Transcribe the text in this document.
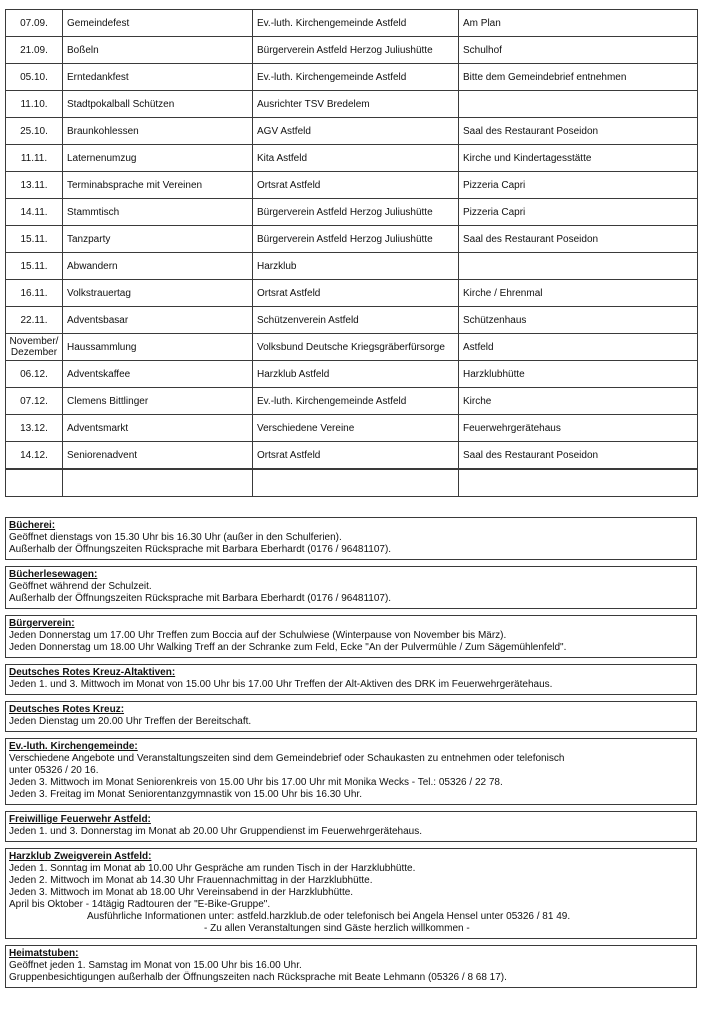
07.09.	Gemeindefest	Ev.-luth. Kirchengemeinde Astfeld	Am Plan
21.09.	Boßeln	Bürgerverein Astfeld Herzog Juliushütte	Schulhof
05.10.	Erntedankfest	Ev.-luth. Kirchengemeinde Astfeld	Bitte dem Gemeindebrief entnehmen
11.10.	Stadtpokalball Schützen	Ausrichter TSV Bredelem	
25.10.	Braunkohlessen	AGV Astfeld	Saal des Restaurant Poseidon
11.11.	Laternenumzug	Kita Astfeld	Kirche und Kindertagesstätte
13.11.	Terminabsprache mit Vereinen	Ortsrat Astfeld	Pizzeria Capri
14.11.	Stammtisch	Bürgerverein Astfeld Herzog Juliushütte	Pizzeria Capri
15.11.	Tanzparty	Bürgerverein Astfeld Herzog Juliushütte	Saal des Restaurant Poseidon
15.11.	Abwandern	Harzklub	
16.11.	Volkstrauertag	Ortsrat Astfeld	Kirche / Ehrenmal
22.11.	Adventsbasar	Schützenverein Astfeld	Schützenhaus
November/ Dezember	Haussammlung	Volksbund Deutsche Kriegsgräberfürsorge	Astfeld
06.12.	Adventskaffee	Harzklub Astfeld	Harzklubhütte
07.12.	Clemens Bittlinger	Ev.-luth. Kirchengemeinde Astfeld	Kirche
13.12.	Adventsmarkt	Verschiedene Vereine	Feuerwehrgerätehaus
14.12.	Seniorenadvent	Ortsrat Astfeld	Saal des Restaurant Poseidon

Bücherei:
Geöffnet dienstags von 15.30 Uhr bis 16.30 Uhr (außer in den Schulferien).
Außerhalb der Öffnungszeiten Rücksprache mit Barbara Eberhardt (0176 / 96481107).
Bücherlesewagen:
Geöffnet während der Schulzeit.
Außerhalb der Öffnungszeiten Rücksprache mit Barbara Eberhardt (0176 / 96481107).
Bürgerverein:
Jeden Donnerstag um 17.00 Uhr Treffen zum Boccia auf der Schulwiese (Winterpause von November bis März).
Jeden Donnerstag um 18.00 Uhr Walking Treff an der Schranke zum Feld, Ecke "An der Pulvermühle / Zum Sägemühlenfeld".
Deutsches Rotes Kreuz-Altaktiven:
Jeden 1. und 3. Mittwoch im Monat von 15.00 Uhr bis 17.00 Uhr Treffen der Alt-Aktiven des DRK im Feuerwehrgerätehaus.
Deutsches Rotes Kreuz:
Jeden Dienstag um 20.00 Uhr Treffen der Bereitschaft.
Ev.-luth. Kirchengemeinde:
Verschiedene Angebote und Veranstaltungszeiten sind dem Gemeindebrief oder Schaukasten zu entnehmen oder telefonisch
unter 05326 / 20 16.
Jeden 3. Mittwoch im Monat Seniorenkreis von 15.00 Uhr bis 17.00 Uhr mit Monika Wecks - Tel.: 05326 / 22 78.
Jeden 3. Freitag im Monat Seniorentanzgymnastik von 15.00 Uhr bis 16.30 Uhr.
Freiwillige Feuerwehr Astfeld:
Jeden 1. und 3. Donnerstag im Monat ab 20.00 Uhr Gruppendienst im Feuerwehrgerätehaus.
Harzklub Zweigverein Astfeld:
Jeden 1. Sonntag im Monat ab 10.00 Uhr Gespräche am runden Tisch in der Harzklubhütte.
Jeden 2. Mittwoch im Monat ab 14.30 Uhr Frauennachmittag in der Harzklubhütte.
Jeden 3. Mittwoch im Monat ab 18.00 Uhr Vereinsabend in der Harzklubhütte.
April bis Oktober - 14tägig Radtouren der "E-Bike-Gruppe".
Ausführliche Informationen unter: astfeld.harzklub.de oder telefonisch bei Angela Hensel unter 05326 / 81 49.
- Zu allen Veranstaltungen sind Gäste herzlich willkommen -
Heimatstuben:
Geöffnet jeden 1. Samstag im Monat von 15.00 Uhr bis 16.00 Uhr.
Gruppenbesichtigungen außerhalb der Öffnungszeiten nach Rücksprache mit Beate Lehmann (05326 / 8 68 17).
